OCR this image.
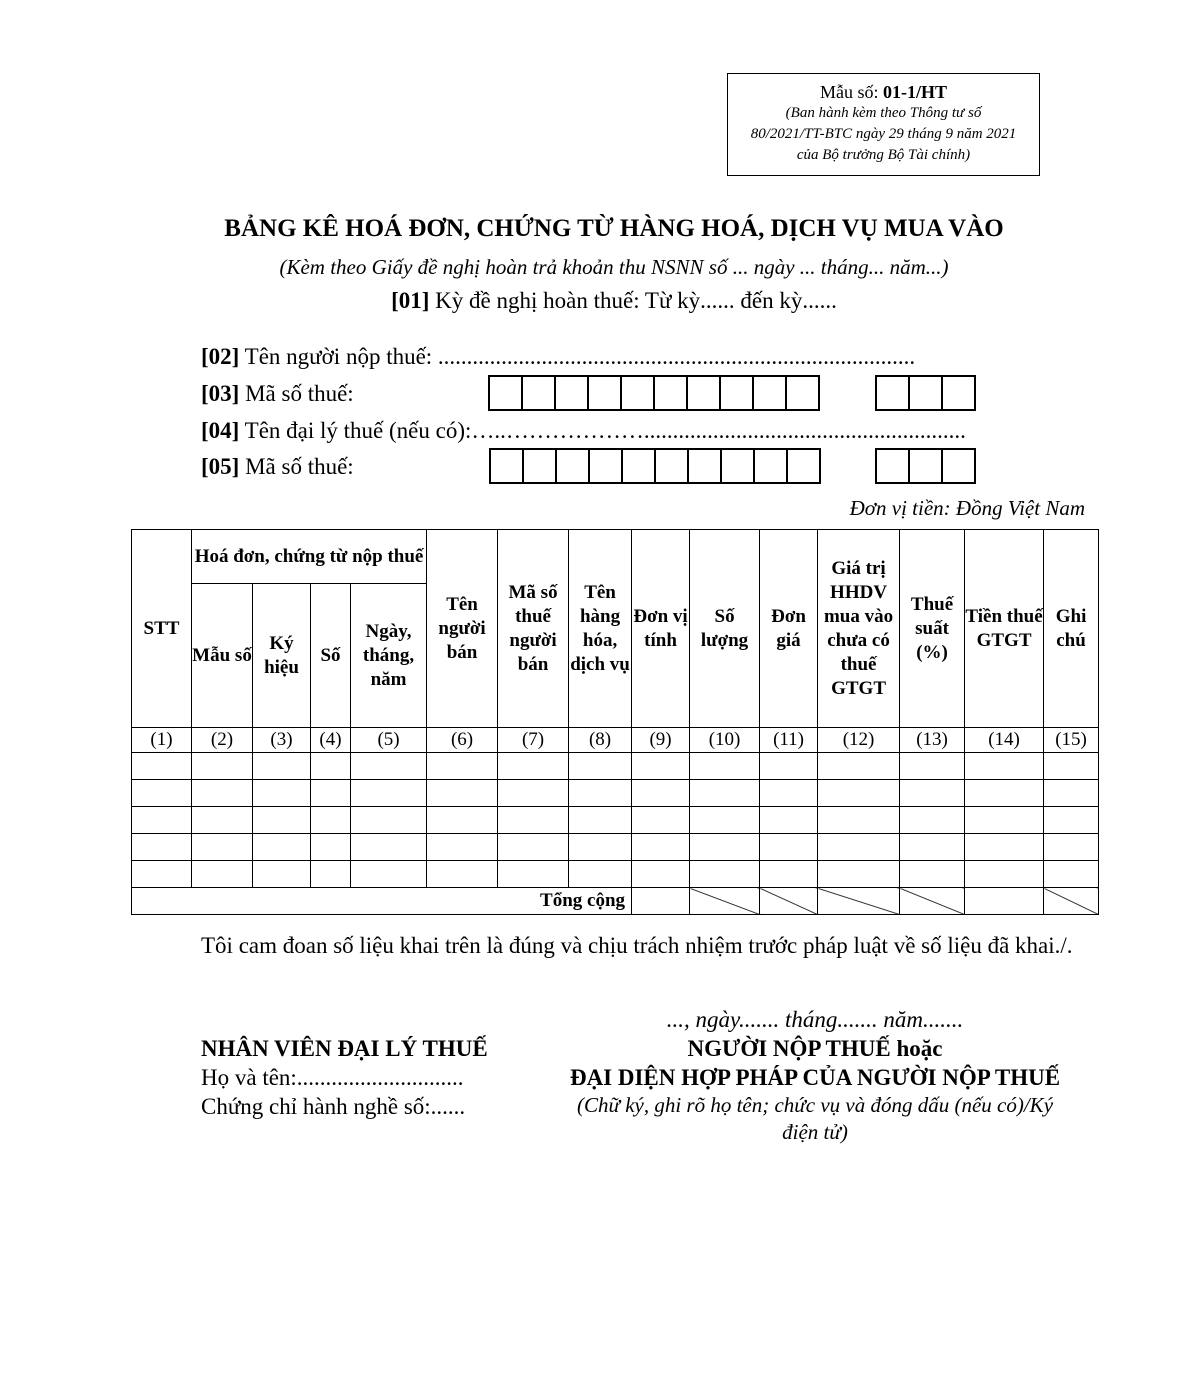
Mẫu số: 01-1/HT
(Ban hành kèm theo Thông tư số
80/2021/TT-BTC ngày 29 tháng 9 năm 2021
của Bộ trưởng Bộ Tài chính)
BẢNG KÊ HOÁ ĐƠN, CHỨNG TỪ HÀNG HOÁ, DỊCH VỤ MUA VÀO
(Kèm theo Giấy đề nghị hoàn trả khoản thu NSNN số ... ngày ... tháng... năm...)
[01] Kỳ đề nghị hoàn thuế: Từ kỳ...... đến kỳ......
[02] Tên người nộp thuế: ...................................................................................
[03] Mã số thuế:
[04] Tên đại lý thuế (nếu có):…..………………........................................................
[05] Mã số thuế:
Đơn vị tiền: Đồng Việt Nam
STT	Hoá đơn, chứng từ nộp thuế				Tên người bán	Mã số thuế người bán	Tên hàng hóa, dịch vụ	Đơn vị tính	Số lượng	Đơn giá	Giá trị HHDV mua vào chưa có thuế GTGT	Thuế suất (%)	Tiền thuế GTGT	Ghi chú
	Mẫu số	Ký hiệu	Số	Ngày, tháng, năm										
(1)	(2)	(3)	(4)	(5)	(6)	(7)	(8)	(9)	(10)	(11)	(12)	(13)	(14)	(15)

Tổng cộng														
Tôi cam đoan số liệu khai trên là đúng và chịu trách nhiệm trước pháp luật về số liệu đã khai./.
NHÂN VIÊN ĐẠI LÝ THUẾ
Họ và tên:.............................
Chứng chỉ hành nghề số:......
..., ngày....... tháng....... năm.......
NGƯỜI NỘP THUẾ hoặc
ĐẠI DIỆN HỢP PHÁP CỦA NGƯỜI NỘP THUẾ
(Chữ ký, ghi rõ họ tên; chức vụ và đóng dấu (nếu có)/Ký điện tử)
